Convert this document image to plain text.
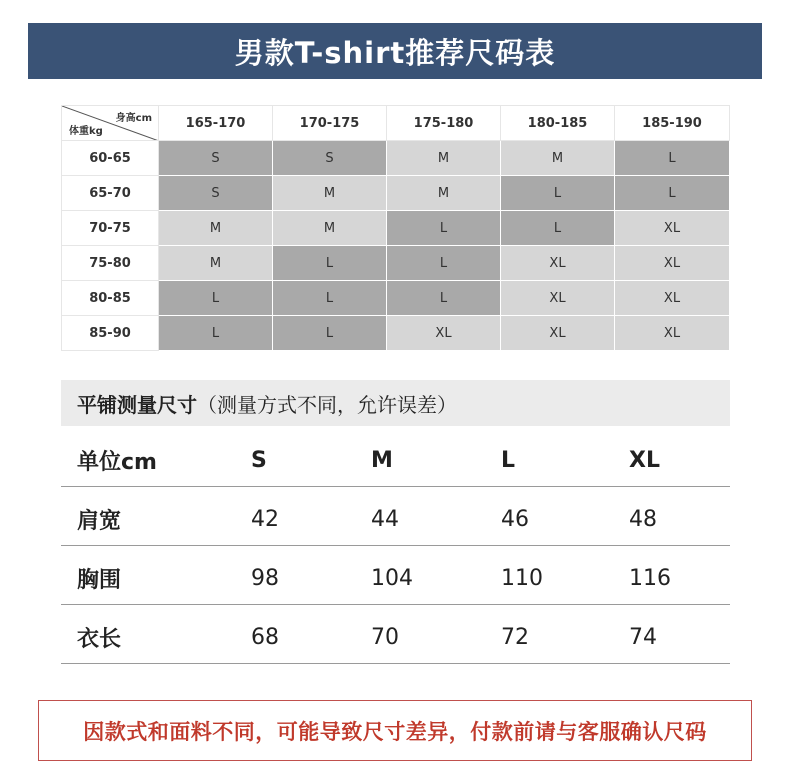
男款T-shirt推荐尺码表
身高cm
体重kg	165-170	170-175	175-180	180-185	185-190
60-65	S	S	M	M	L
65-70	S	M	M	L	L
70-75	M	M	L	L	XL
75-80	M	L	L	XL	XL
80-85	L	L	L	XL	XL
85-90	L	L	XL	XL	XL
平铺测量尺寸 （测量方式不同，允许误差）
单位cm	S	M	L	XL
肩宽	42	44	46	48
胸围	98	104	110	116
衣长	68	70	72	74
因款式和面料不同，可能导致尺寸差异，付款前请与客服确认尺码
